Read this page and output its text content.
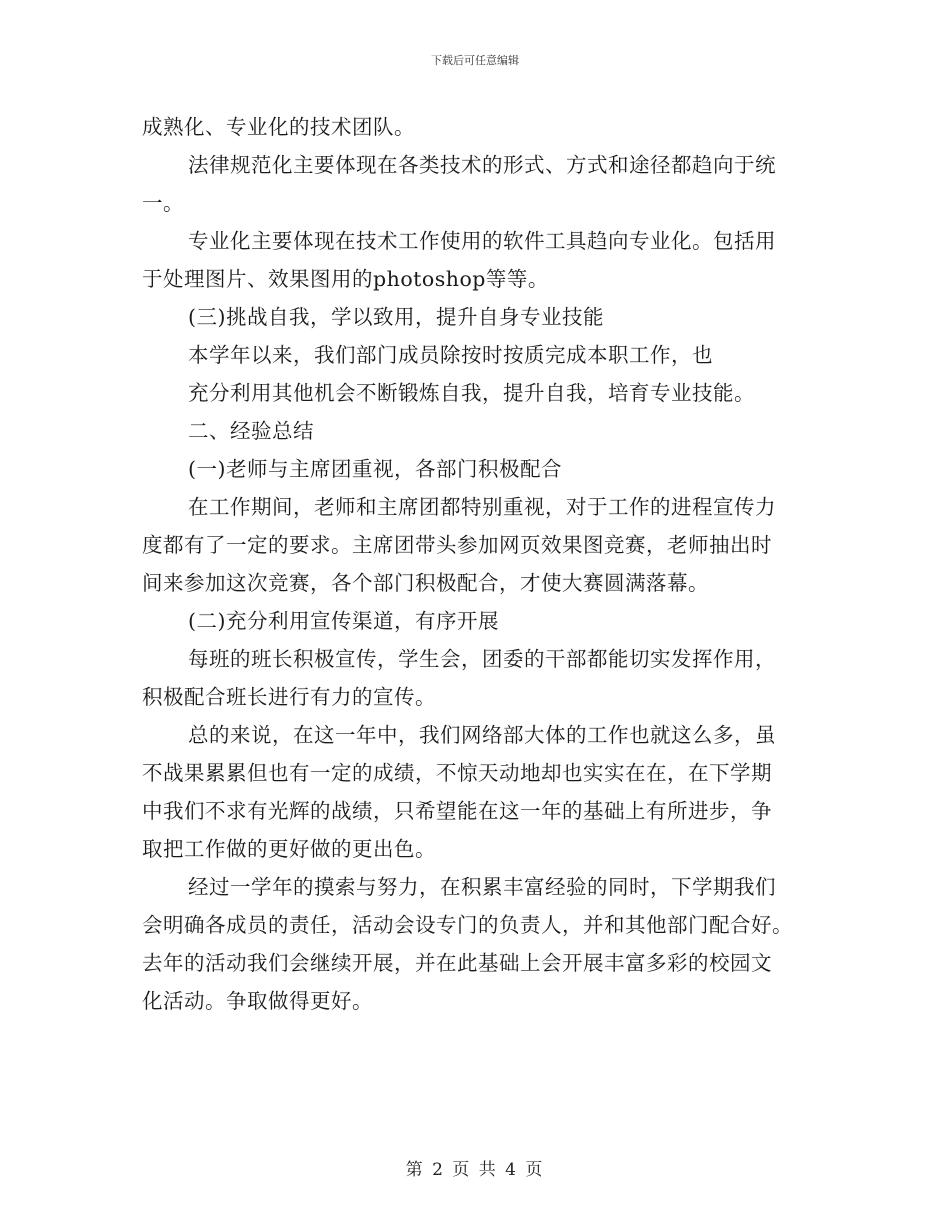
下载后可任意编辑
成熟化、专业化的技术团队。
法律规范化主要体现在各类技术的形式、方式和途径都趋向于统
一。
专业化主要体现在技术工作使用的软件工具趋向专业化。包括用
于处理图片、效果图用的photoshop等等。
(三)挑战自我，学以致用，提升自身专业技能
本学年以来，我们部门成员除按时按质完成本职工作，也
充分利用其他机会不断锻炼自我，提升自我，培育专业技能。
二、经验总结
(一)老师与主席团重视，各部门积极配合
在工作期间，老师和主席团都特别重视，对于工作的进程宣传力
度都有了一定的要求。主席团带头参加网页效果图竞赛，老师抽出时
间来参加这次竞赛，各个部门积极配合，才使大赛圆满落幕。
(二)充分利用宣传渠道，有序开展
每班的班长积极宣传，学生会，团委的干部都能切实发挥作用，
积极配合班长进行有力的宣传。
总的来说，在这一年中，我们网络部大体的工作也就这么多，虽
不战果累累但也有一定的成绩，不惊天动地却也实实在在，在下学期
中我们不求有光辉的战绩，只希望能在这一年的基础上有所进步，争
取把工作做的更好做的更出色。
经过一学年的摸索与努力，在积累丰富经验的同时，下学期我们
会明确各成员的责任，活动会设专门的负责人，并和其他部门配合好。
去年的活动我们会继续开展，并在此基础上会开展丰富多彩的校园文
化活动。争取做得更好。
第 2 页 共 4 页
